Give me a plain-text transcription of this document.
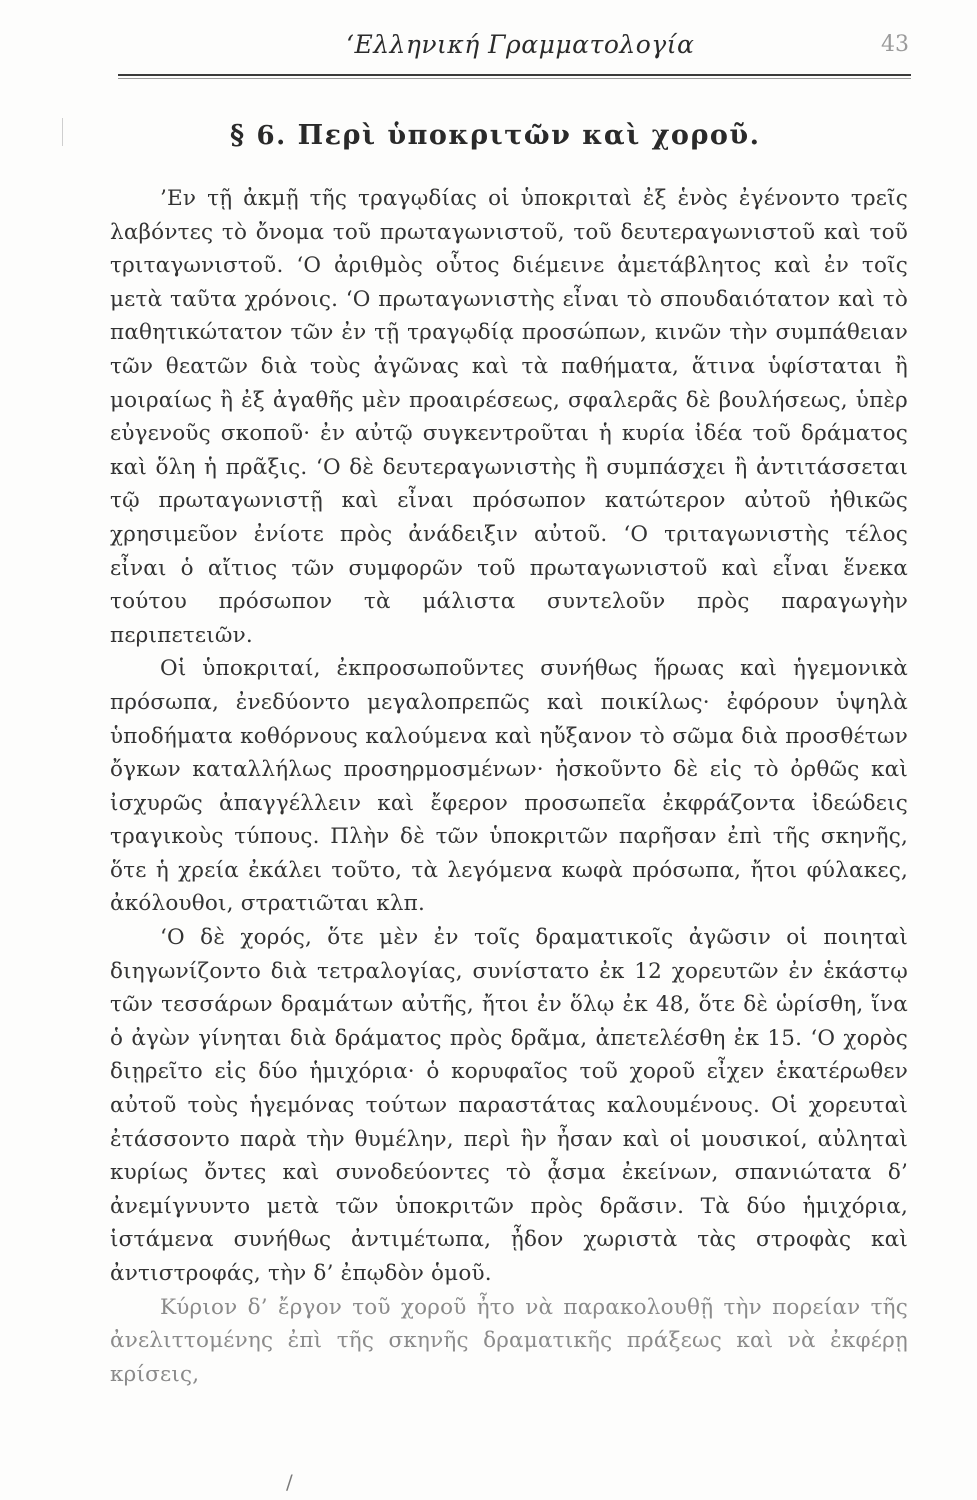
‘Ελληνική Γραμματολογία	43
§ 6. Περὶ ὑποκριτῶν καὶ χοροῦ.

’Εν τῇ ἀκμῇ τῆς τραγῳδίας οἱ ὑποκριταὶ ἐξ ἑνὸς ἐγένοντο τρεῖς λαβόντες τὸ ὄνομα τοῦ πρωταγωνιστοῦ, τοῦ δευτεραγωνιστοῦ καὶ τοῦ τριταγωνιστοῦ. ‘Ο ἀριθμὸς οὗτος διέμεινε ἀμετάβλητος καὶ ἐν τοῖς μετὰ ταῦτα χρόνοις. ‘Ο πρωταγωνιστὴς εἶναι τὸ σπουδαιότατον καὶ τὸ παθητικώτατον τῶν ἐν τῇ τραγῳδίᾳ προσώπων, κινῶν τὴν συμπάθειαν τῶν θεατῶν διὰ τοὺς ἀγῶνας καὶ τὰ παθήματα, ἅτινα ὑφίσταται ἢ μοιραίως ἢ ἐξ ἀγαθῆς μὲν προαιρέσεως, σφαλερᾶς δὲ βουλήσεως, ὑπὲρ εὐγενοῦς σκοποῦ· ἐν αὐτῷ συγκεντροῦται ἡ κυρία ἰδέα τοῦ δράματος καὶ ὅλη ἡ πρᾶξις. ‘Ο δὲ δευτεραγωνιστὴς ἢ συμπάσχει ἢ ἀντιτάσσεται τῷ πρωταγωνιστῇ καὶ εἶναι πρόσωπον κατώτερον αὐτοῦ ἠθικῶς χρησιμεῦον ἐνίοτε πρὸς ἀνάδειξιν αὐτοῦ. ‘Ο τριταγωνιστὴς τέλος εἶναι ὁ αἴτιος τῶν συμφορῶν τοῦ πρωταγωνιστοῦ καὶ εἶναι ἕνεκα τούτου πρόσωπον τὰ μάλιστα συντελοῦν πρὸς παραγωγὴν περιπετειῶν.

Οἱ ὑποκριταί, ἐκπροσωποῦντες συνήθως ἥρωας καὶ ἡγεμονικὰ πρόσωπα, ἐνεδύοντο μεγαλοπρεπῶς καὶ ποικίλως· ἐφόρουν ὑψηλὰ ὑποδήματα κοθόρνους καλούμενα καὶ ηὔξανον τὸ σῶμα διὰ προσθέτων ὄγκων καταλλήλως προσηρμοσμένων· ἠσκοῦντο δὲ εἰς τὸ ὀρθῶς καὶ ἰσχυρῶς ἀπαγγέλλειν καὶ ἔφερον προσωπεῖα ἐκφράζοντα ἰδεώδεις τραγικοὺς τύπους. Πλὴν δὲ τῶν ὑποκριτῶν παρῆσαν ἐπὶ τῆς σκηνῆς, ὅτε ἡ χρεία ἐκάλει τοῦτο, τὰ λεγόμενα κωφὰ πρόσωπα, ἤτοι φύλακες, ἀκόλουθοι, στρατιῶται κλπ.

‘Ο δὲ χορός, ὅτε μὲν ἐν τοῖς δραματικοῖς ἀγῶσιν οἱ ποιηταὶ διηγωνίζοντο διὰ τετραλογίας, συνίστατο ἐκ 12 χορευτῶν ἐν ἑκάστῳ τῶν τεσσάρων δραμάτων αὐτῆς, ἤτοι ἐν ὅλῳ ἐκ 48, ὅτε δὲ ὡρίσθη, ἵνα ὁ ἀγὼν γίνηται διὰ δράματος πρὸς δρᾶμα, ἀπετελέσθη ἐκ 15. ‘Ο χορὸς διῃρεῖτο εἰς δύο ἡμιχόρια· ὁ κορυφαῖος τοῦ χοροῦ εἶχεν ἑκατέρωθεν αὐτοῦ τοὺς ἡγεμόνας τούτων παραστάτας καλουμένους. Οἱ χορευταὶ ἐτάσσοντο παρὰ τὴν θυμέλην, περὶ ἣν ἦσαν καὶ οἱ μουσικοί, αὐληταὶ κυρίως ὄντες καὶ συνοδεύοντες τὸ ᾆσμα ἐκείνων, σπανιώτατα δ’ ἀνεμίγνυντο μετὰ τῶν ὑποκριτῶν πρὸς δρᾶσιν. Τὰ δύο ἡμιχόρια, ἱστάμενα συνήθως ἀντιμέτωπα, ᾖδον χωριστὰ τὰς στροφὰς καὶ ἀντιστροφάς, τὴν δ’ ἐπῳδὸν ὁμοῦ.

Κύριον δ’ ἔργον τοῦ χοροῦ ἦτο νὰ παρακολουθῇ τὴν πορείαν τῆς ἀνελιττομένης ἐπὶ τῆς σκηνῆς δραματικῆς πράξεως καὶ νὰ ἐκφέρῃ κρίσεις,

/
